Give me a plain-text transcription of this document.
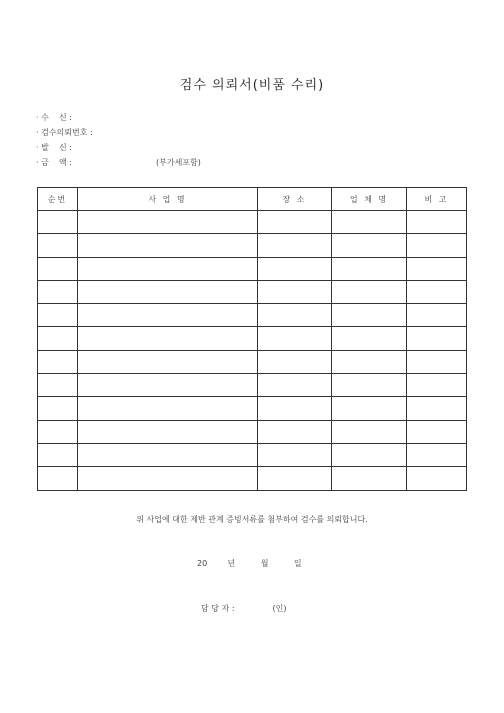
검수 의뢰서(비품 수리)
· 수    신 :
· 검수의뢰번호 :
· 발    신 :
· 금    액 :	(부가세포함)
순번	사 업 명	장 소	업 체 명	비 고

위 사업에 대한 제반 관계 증빙서류를 첨부하여 검수를 의뢰합니다.
20	년	월	일
담 당 자 :	(인)
